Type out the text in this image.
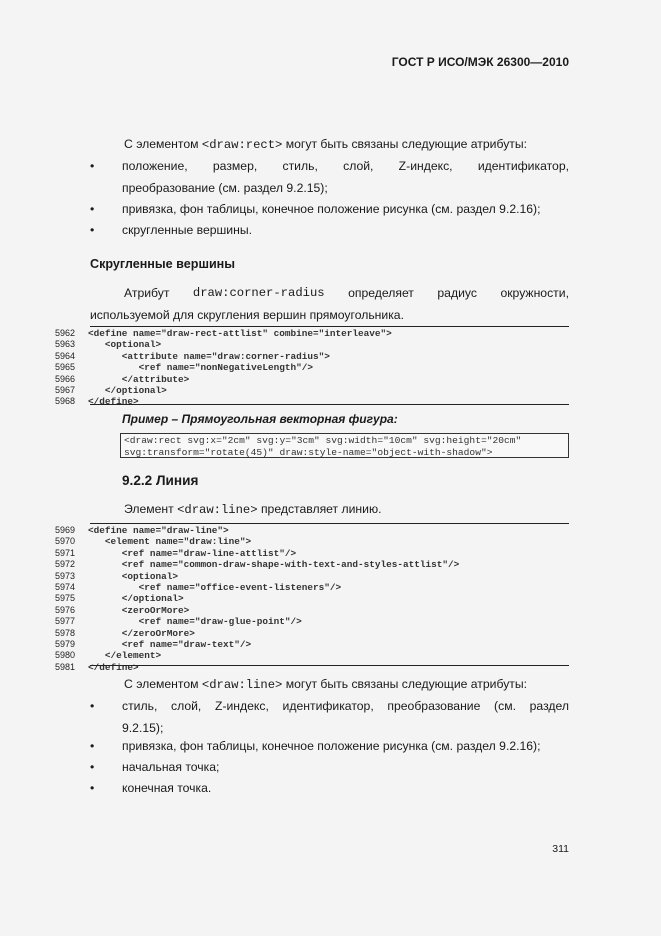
ГОСТ Р ИСО/МЭК 26300—2010
С элементом <draw:rect> могут быть связаны следующие атрибуты:
• положение, размер, стиль, слой, Z-индекс, идентификатор,
преобразование (см. раздел 9.2.15);
• привязка, фон таблицы, конечное положение рисунка (см. раздел 9.2.16);
• скругленные вершины.
Скругленные вершины
Атрибут draw:corner-radius определяет радиус окружности,
используемой для скругления вершин прямоугольника.
5962 <define name="draw-rect-attlist" combine="interleave">
5963   <optional>
5964      <attribute name="draw:corner-radius">
5965         <ref name="nonNegativeLength"/>
5966      </attribute>
5967   </optional>
5968 </define>
Пример – Прямоугольная векторная фигура:
<draw:rect svg:x="2cm" svg:y="3cm" svg:width="10cm" svg:height="20cm"
svg:transform="rotate(45)" draw:style-name="object-with-shadow">
9.2.2 Линия
Элемент <draw:line> представляет линию.
5969 <define name="draw-line">
5970   <element name="draw:line">
5971      <ref name="draw-line-attlist"/>
5972      <ref name="common-draw-shape-with-text-and-styles-attlist"/>
5973      <optional>
5974         <ref name="office-event-listeners"/>
5975      </optional>
5976      <zeroOrMore>
5977         <ref name="draw-glue-point"/>
5978      </zeroOrMore>
5979      <ref name="draw-text"/>
5980   </element>
5981 </define>
С элементом <draw:line> могут быть связаны следующие атрибуты:
• стиль, слой, Z-индекс, идентификатор, преобразование (см. раздел
9.2.15);
• привязка, фон таблицы, конечное положение рисунка (см. раздел 9.2.16);
• начальная точка;
• конечная точка.
311
